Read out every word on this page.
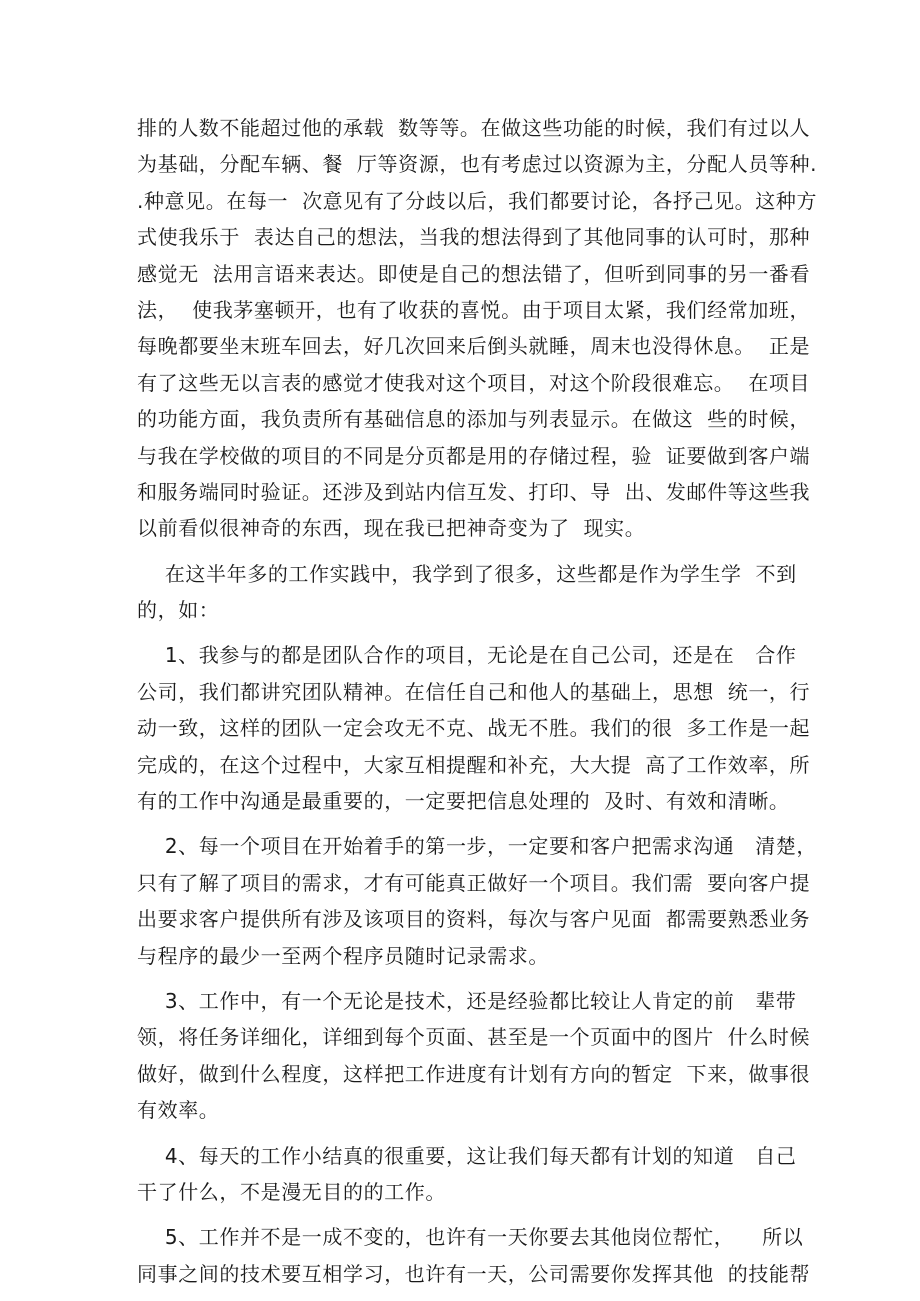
排的人数不能超过他的承载  数等等。在做这些功能的时候，我们有过以人
为基础，分配车辆、餐  厅等资源，也有考虑过以资源为主，分配人员等种.
.种意见。在每一  次意见有了分歧以后，我们都要讨论，各抒己见。这种方
式使我乐于  表达自己的想法，当我的想法得到了其他同事的认可时，那种
感觉无  法用言语来表达。即使是自己的想法错了，但听到同事的另一番看
法，  使我茅塞顿开，也有了收获的喜悦。由于项目太紧，我们经常加班，
每晚都要坐末班车回去，好几次回来后倒头就睡，周末也没得休息。  正是
有了这些无以言表的感觉才使我对这个项目，对这个阶段很难忘。  在项目
的功能方面，我负责所有基础信息的添加与列表显示。在做这  些的时候，
与我在学校做的项目的不同是分页都是用的存储过程，验  证要做到客户端
和服务端同时验证。还涉及到站内信互发、打印、导  出、发邮件等这些我
以前看似很神奇的东西，现在我已把神奇变为了  现实。
在这半年多的工作实践中，我学到了很多，这些都是作为学生学  不到
的，如：
1、我参与的都是团队合作的项目，无论是在自己公司，还是在   合作
公司，我们都讲究团队精神。在信任自己和他人的基础上，思想  统一，行
动一致，这样的团队一定会攻无不克、战无不胜。我们的很  多工作是一起
完成的，在这个过程中，大家互相提醒和补充，大大提  高了工作效率，所
有的工作中沟通是最重要的，一定要把信息处理的  及时、有效和清晰。
2、每一个项目在开始着手的第一步，一定要和客户把需求沟通   清楚，
只有了解了项目的需求，才有可能真正做好一个项目。我们需  要向客户提
出要求客户提供所有涉及该项目的资料，每次与客户见面  都需要熟悉业务
与程序的最少一至两个程序员随时记录需求。
3、工作中，有一个无论是技术，还是经验都比较让人肯定的前   辈带
领，将任务详细化，详细到每个页面、甚至是一个页面中的图片  什么时候
做好，做到什么程度，这样把工作进度有计划有方向的暂定  下来，做事很
有效率。
4、每天的工作小结真的很重要，这让我们每天都有计划的知道   自己
干了什么，不是漫无目的的工作。
5、工作并不是一成不变的，也许有一天你要去其他岗位帮忙，    所以
同事之间的技术要互相学习，也许有一天，公司需要你发挥其他  的技能帮
